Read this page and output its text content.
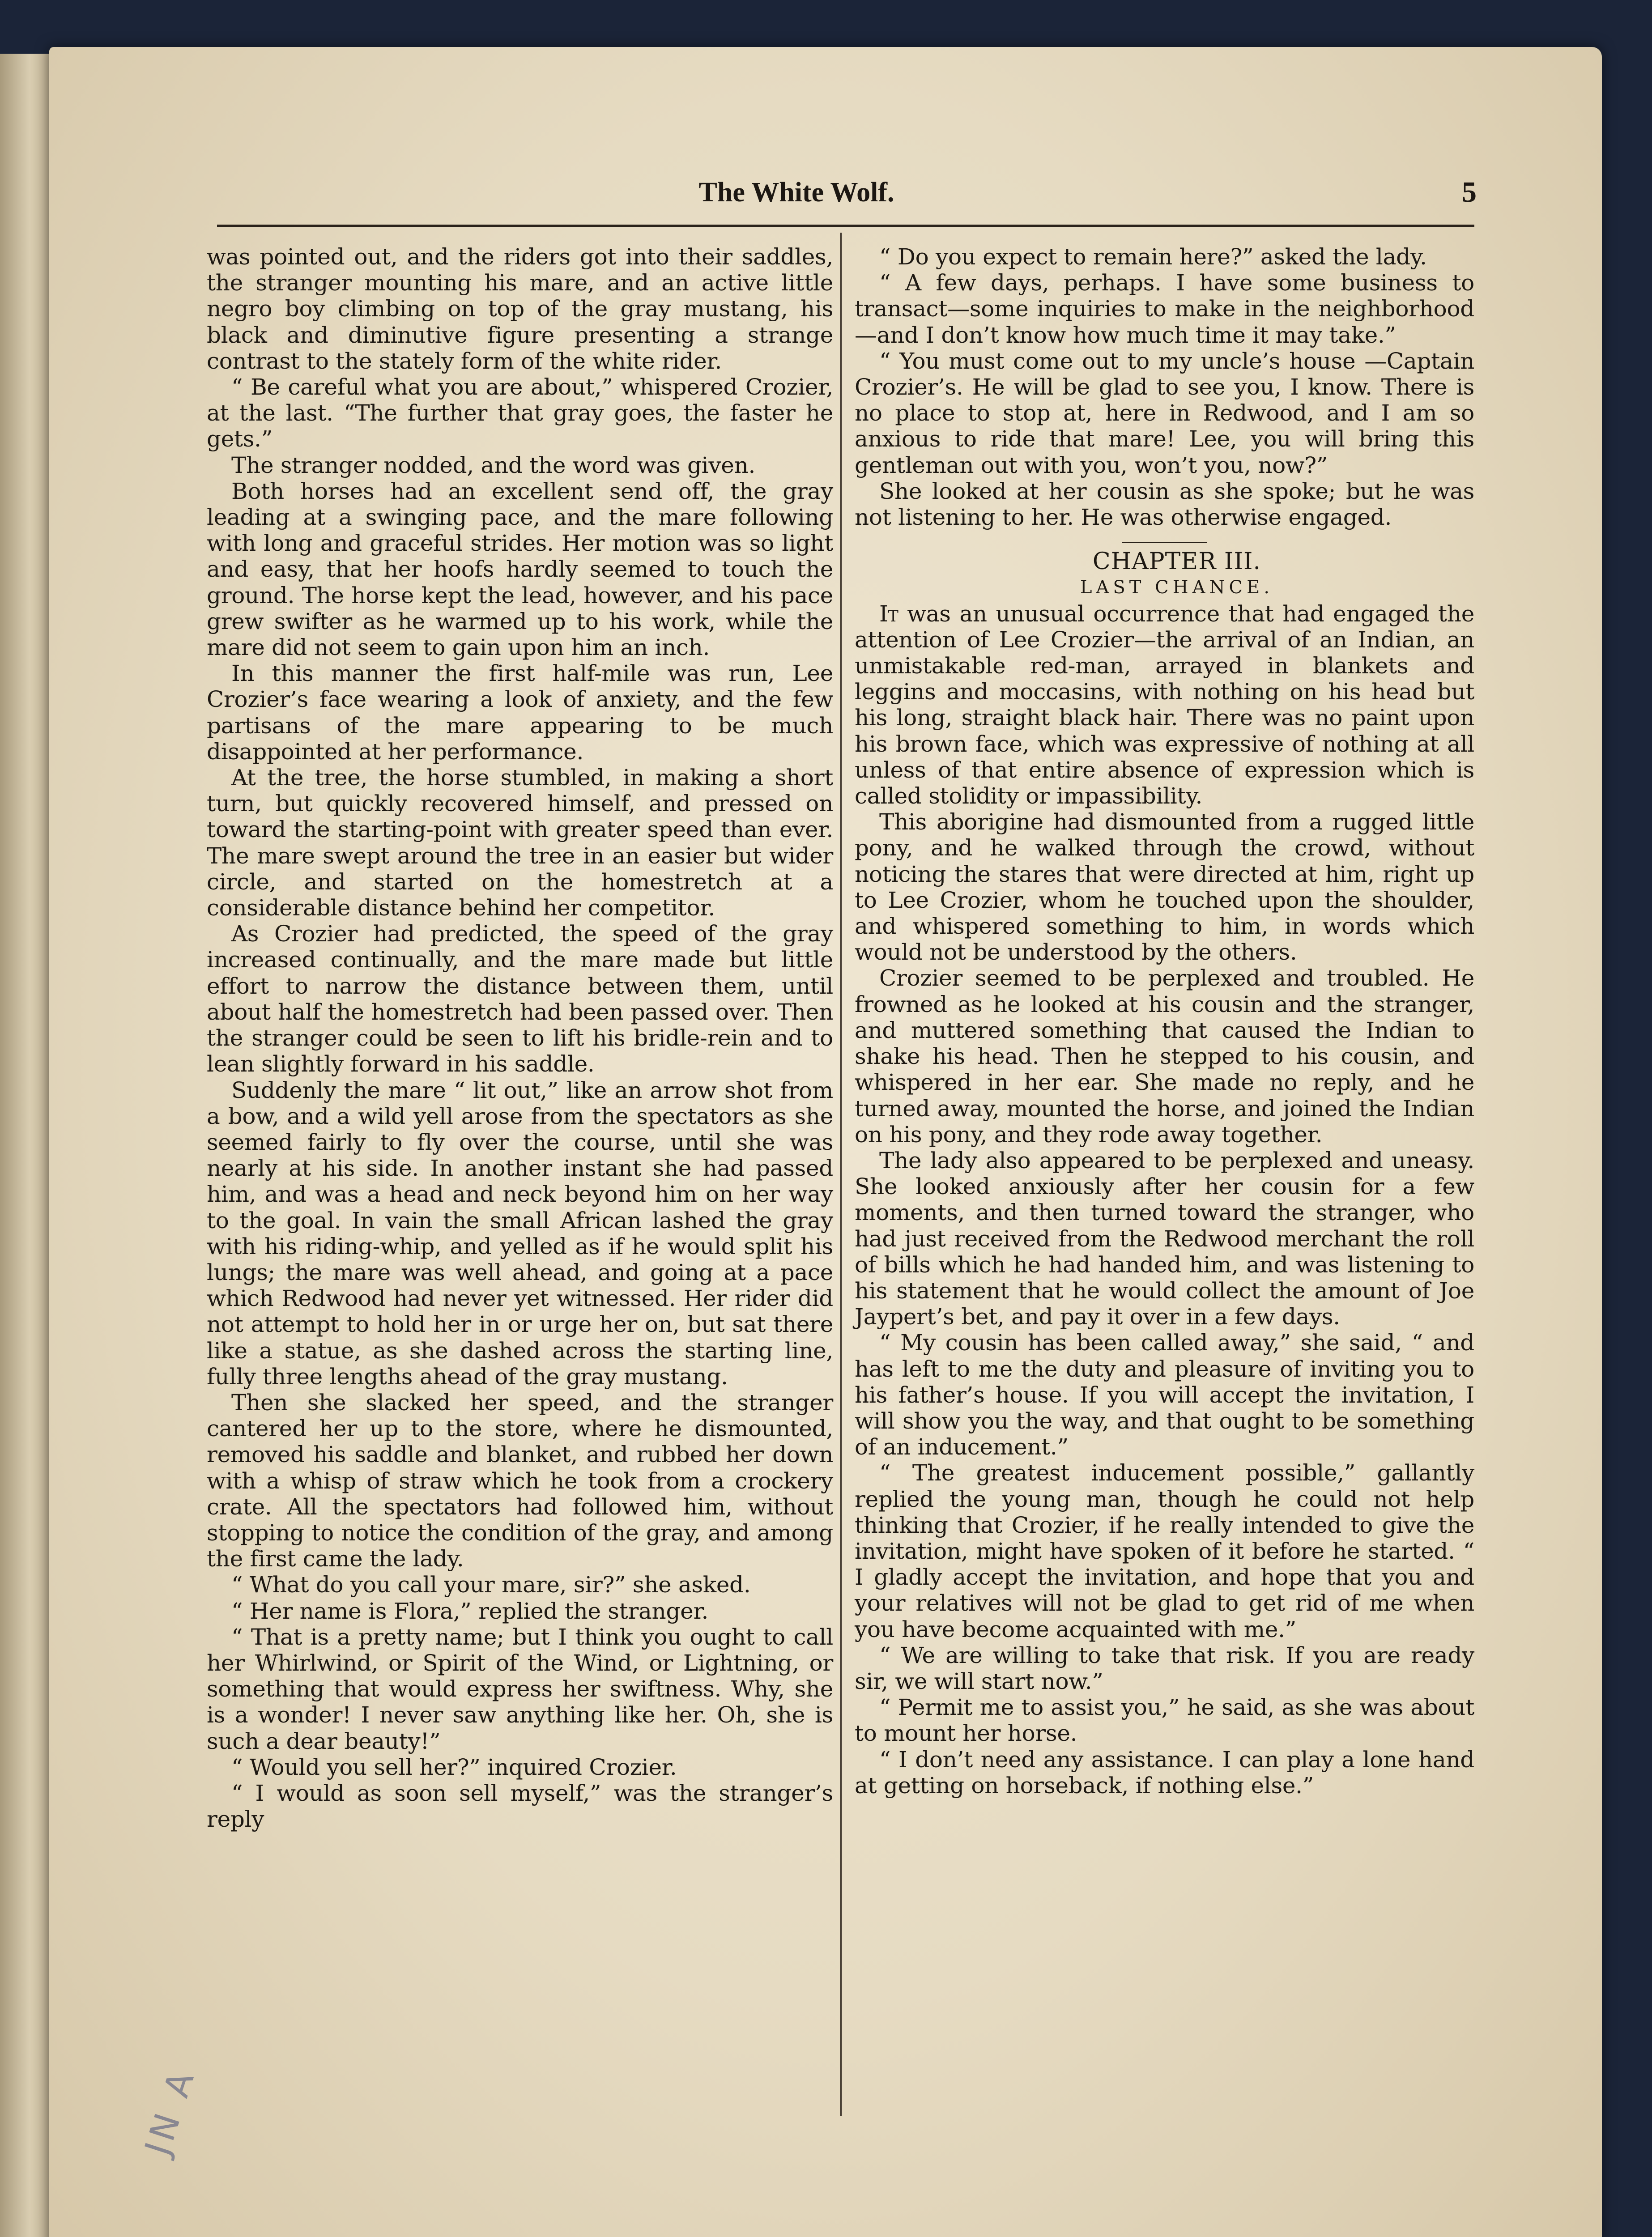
The White Wolf.	5

was pointed out, and the riders got into their saddles, the stranger mounting his mare, and an active little negro boy climbing on top of the gray mustang, his black and diminutive figure presenting a strange contrast to the stately form of the white rider.

“ Be careful what you are about,” whispered Crozier, at the last. “The further that gray goes, the faster he gets.”

The stranger nodded, and the word was given.

Both horses had an excellent send off, the gray leading at a swinging pace, and the mare following with long and graceful strides. Her motion was so light and easy, that her hoofs hardly seemed to touch the ground. The horse kept the lead, however, and his pace grew swifter as he warmed up to his work, while the mare did not seem to gain upon him an inch.

In this manner the first half-mile was run, Lee Crozier’s face wearing a look of anxiety, and the few partisans of the mare appearing to be much disappointed at her performance.

At the tree, the horse stumbled, in making a short turn, but quickly recovered himself, and pressed on toward the starting-point with greater speed than ever. The mare swept around the tree in an easier but wider circle, and started on the homestretch at a considerable distance behind her competitor.

As Crozier had predicted, the speed of the gray increased continually, and the mare made but little effort to narrow the distance between them, until about half the homestretch had been passed over. Then the stranger could be seen to lift his bridle-rein and to lean slightly forward in his saddle.

Suddenly the mare “ lit out,” like an arrow shot from a bow, and a wild yell arose from the spectators as she seemed fairly to fly over the course, until she was nearly at his side. In another instant she had passed him, and was a head and neck beyond him on her way to the goal. In vain the small African lashed the gray with his riding-whip, and yelled as if he would split his lungs; the mare was well ahead, and going at a pace which Redwood had never yet witnessed. Her rider did not attempt to hold her in or urge her on, but sat there like a statue, as she dashed across the starting line, fully three lengths ahead of the gray mustang.

Then she slacked her speed, and the stranger cantered her up to the store, where he dismounted, removed his saddle and blanket, and rubbed her down with a whisp of straw which he took from a crockery crate. All the spectators had followed him, without stopping to notice the condition of the gray, and among the first came the lady.

“ What do you call your mare, sir?” she asked.

“ Her name is Flora,” replied the stranger.

“ That is a pretty name; but I think you ought to call her Whirlwind, or Spirit of the Wind, or Lightning, or something that would express her swiftness. Why, she is a wonder! I never saw anything like her. Oh, she is such a dear beauty!”

“ Would you sell her?” inquired Crozier.

“ I would as soon sell myself,” was the stranger’s reply

“ Do you expect to remain here?” asked the lady.

“ A few days, perhaps. I have some business to transact—some inquiries to make in the neighborhood—and I don’t know how much time it may take.”

“ You must come out to my uncle’s house —Captain Crozier’s. He will be glad to see you, I know. There is no place to stop at, here in Redwood, and I am so anxious to ride that mare! Lee, you will bring this gentleman out with you, won’t you, now?”

She looked at her cousin as she spoke; but he was not listening to her. He was otherwise engaged.

CHAPTER III.

LAST CHANCE.

It was an unusual occurrence that had engaged the attention of Lee Crozier—the arrival of an Indian, an unmistakable red-man, arrayed in blankets and leggins and moccasins, with nothing on his head but his long, straight black hair. There was no paint upon his brown face, which was expressive of nothing at all unless of that entire absence of expression which is called stolidity or impassibility.

This aborigine had dismounted from a rugged little pony, and he walked through the crowd, without noticing the stares that were directed at him, right up to Lee Crozier, whom he touched upon the shoulder, and whispered something to him, in words which would not be understood by the others.

Crozier seemed to be perplexed and troubled. He frowned as he looked at his cousin and the stranger, and muttered something that caused the Indian to shake his head. Then he stepped to his cousin, and whispered in her ear. She made no reply, and he turned away, mounted the horse, and joined the Indian on his pony, and they rode away together.

The lady also appeared to be perplexed and uneasy. She looked anxiously after her cousin for a few moments, and then turned toward the stranger, who had just received from the Redwood merchant the roll of bills which he had handed him, and was listening to his statement that he would collect the amount of Joe Jaypert’s bet, and pay it over in a few days.

“ My cousin has been called away,” she said, “ and has left to me the duty and pleasure of inviting you to his father’s house. If you will accept the invitation, I will show you the way, and that ought to be something of an inducement.”

“ The greatest inducement possible,” gallantly replied the young man, though he could not help thinking that Crozier, if he really intended to give the invitation, might have spoken of it before he started. “ I gladly accept the invitation, and hope that you and your relatives will not be glad to get rid of me when you have become acquainted with me.”

“ We are willing to take that risk. If you are ready sir, we will start now.”

“ Permit me to assist you,” he said, as she was about to mount her horse.

“ I don’t need any assistance. I can play a lone hand at getting on horseback, if nothing else.”

JN A
